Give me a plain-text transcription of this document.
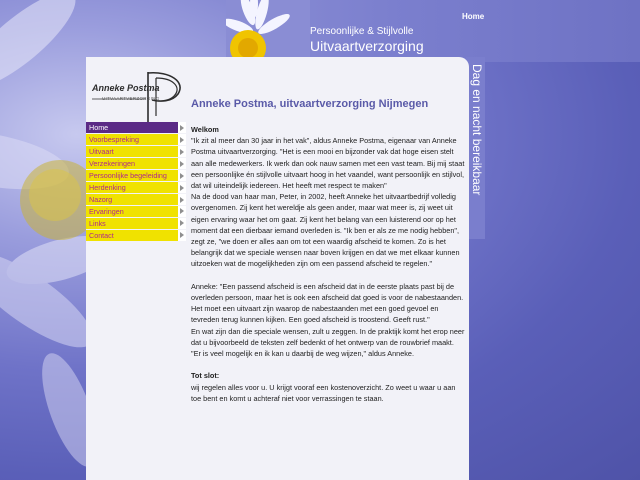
Persoonlijke & Stijlvolle
Uitvaartverzorging
Home
Dag en nacht bereikbaar
Anneke Postma
UITVAARTVERZORGING
Home
Voorbespreking
Uitvaart
Verzekeringen
Persoonlijke begeleiding
Herdenking
Nazorg
Ervaringen
Links
Contact
Anneke Postma, uitvaartverzorging Nijmegen

Welkom

"Ik zit al meer dan 30 jaar in het vak", aldus Anneke Postma, eigenaar van Anneke Postma uitvaartverzorging. "Het is een mooi en bijzonder vak dat hoge eisen stelt aan alle medewerkers. Ik werk dan ook nauw samen met een vast team. Bij mij staat een persoonlijke én stijlvolle uitvaart hoog in het vaandel, want persoonlijk en stijlvol, dat wil uiteindelijk iedereen. Het heeft met respect te maken"

Na de dood van haar man, Peter, in 2002, heeft Anneke het uitvaartbedrijf volledig overgenomen. Zij kent het wereldje als geen ander, maar wat meer is, zij weet uit eigen ervaring waar het om gaat. Zij kent het belang van een luisterend oor op het moment dat een dierbaar iemand overleden is. "Ik ben er als ze me nodig hebben", zegt ze, "we doen er alles aan om tot een waardig afscheid te komen. Zo is het belangrijk dat we speciale wensen naar boven krijgen en dat we met elkaar kunnen uitzoeken wat de mogelijkheden zijn om een passend afscheid te regelen."

Anneke: "Een passend afscheid is een afscheid dat in de eerste plaats past bij de overleden persoon, maar het is ook een afscheid dat goed is voor de nabestaanden. Het moet een uitvaart zijn waarop de nabestaanden met een goed gevoel en tevreden terug kunnen kijken. Een goed afscheid is troostend. Geeft rust."

En wat zijn dan die speciale wensen, zult u zeggen. In de praktijk komt het erop neer dat u bijvoorbeeld de teksten zelf bedenkt of het ontwerp van de rouwbrief maakt. "Er is veel mogelijk en ik kan u daarbij de weg wijzen," aldus Anneke.

Tot slot:

wij regelen alles voor u. U krijgt vooraf een kostenoverzicht. Zo weet u waar u aan toe bent en komt u achteraf niet voor verrassingen te staan.
